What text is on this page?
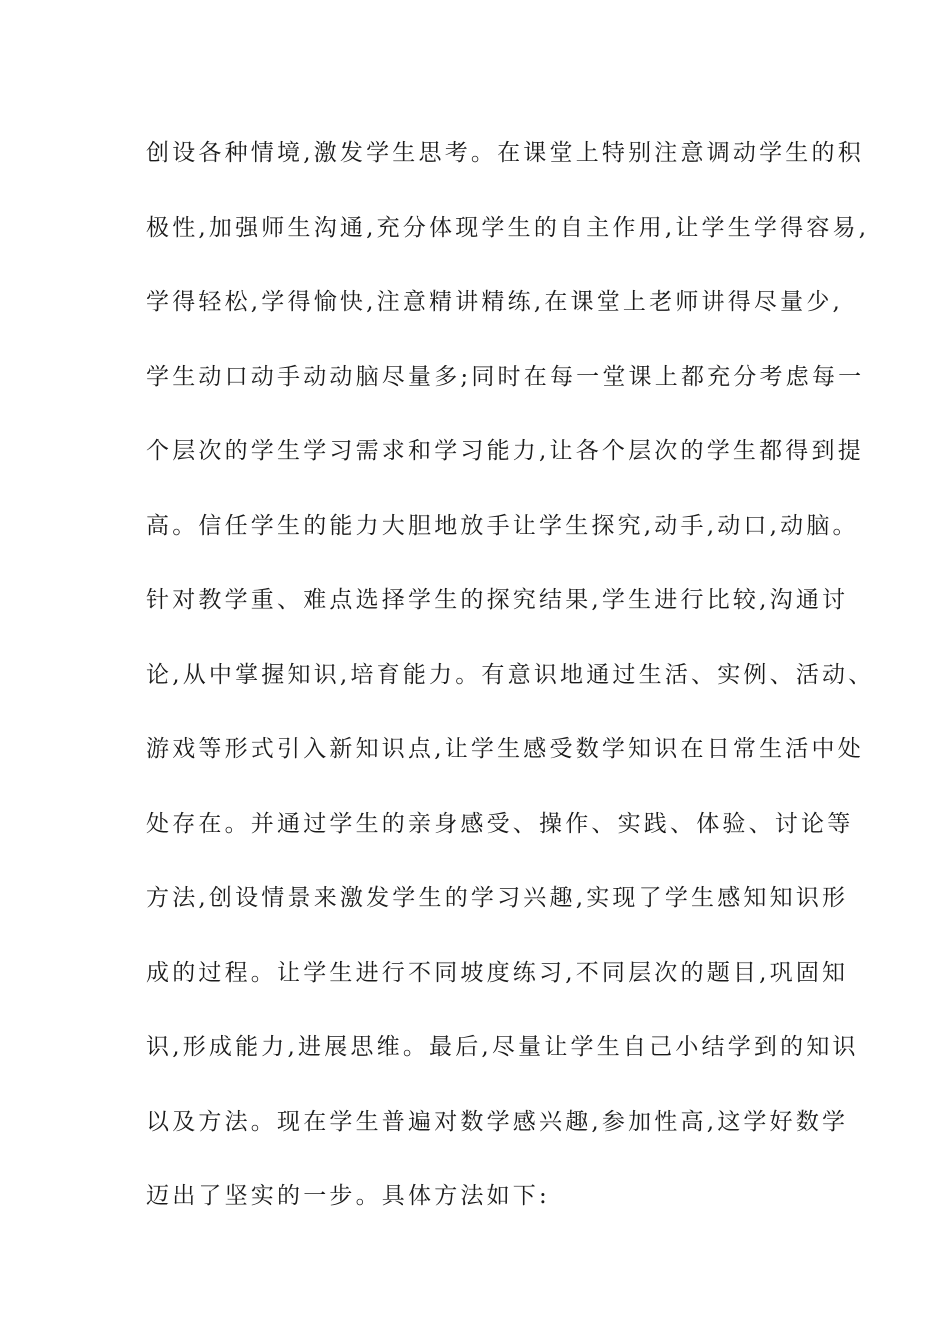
创设各种情境,激发学生思考。在课堂上特别注意调动学生的积
极性,加强师生沟通,充分体现学生的自主作用,让学生学得容易,
学得轻松,学得愉快,注意精讲精练,在课堂上老师讲得尽量少,
学生动口动手动动脑尽量多;同时在每一堂课上都充分考虑每一
个层次的学生学习需求和学习能力,让各个层次的学生都得到提
高。信任学生的能力大胆地放手让学生探究,动手,动口,动脑。
针对教学重、难点选择学生的探究结果,学生进行比较,沟通讨
论,从中掌握知识,培育能力。有意识地通过生活、实例、活动、
游戏等形式引入新知识点,让学生感受数学知识在日常生活中处
处存在。并通过学生的亲身感受、操作、实践、体验、讨论等
方法,创设情景来激发学生的学习兴趣,实现了学生感知知识形
成的过程。让学生进行不同坡度练习,不同层次的题目,巩固知
识,形成能力,进展思维。最后,尽量让学生自己小结学到的知识
以及方法。现在学生普遍对数学感兴趣,参加性高,这学好数学
迈出了坚实的一步。具体方法如下:
